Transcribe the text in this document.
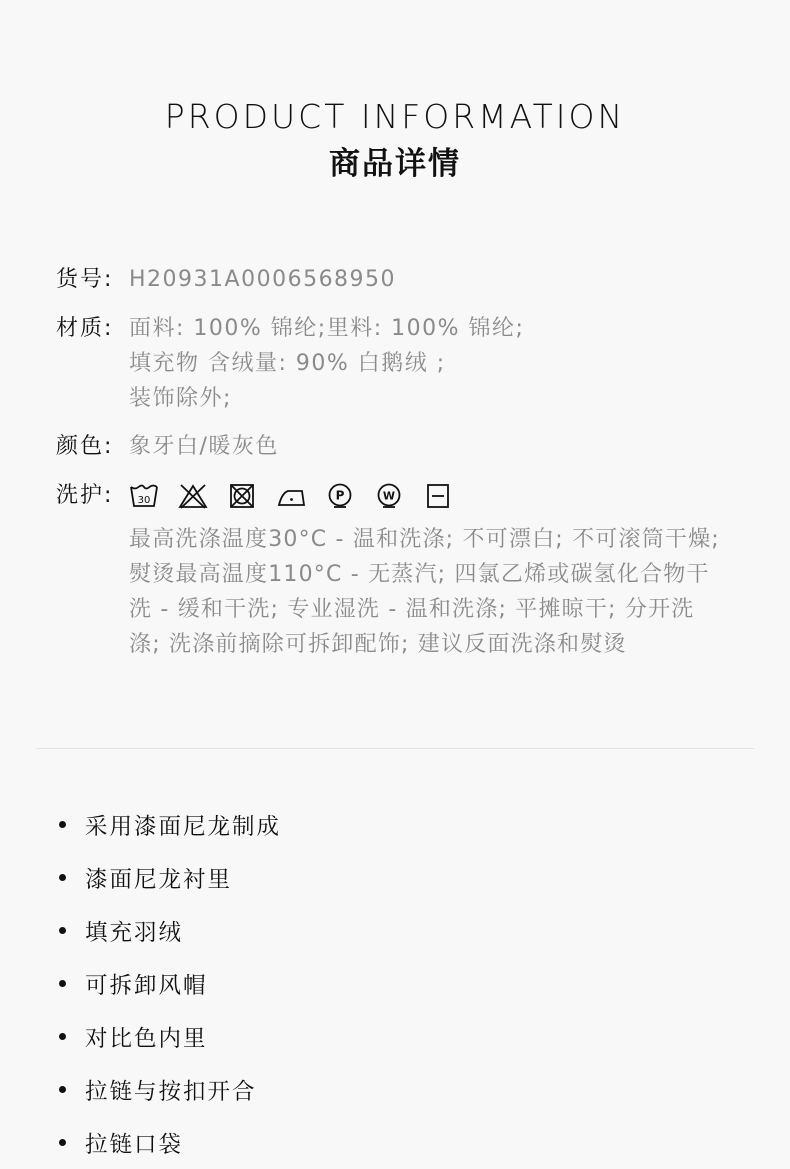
PRODUCT INFORMATION
商品详情
货号: H20931A0006568950
材质: 面料: 100% 锦纶;里料: 100% 锦纶;
填充物 含绒量: 90% 白鹅绒 ;
装饰除外;
颜色: 象牙白/暖灰色
洗护:	30	P	W
最高洗涤温度30°C - 温和洗涤; 不可漂白; 不可滚筒干燥; 熨烫最高温度110°C - 无蒸汽; 四氯乙烯或碳氢化合物干洗 - 缓和干洗; 专业湿洗 - 温和洗涤; 平摊晾干; 分开洗涤; 洗涤前摘除可拆卸配饰; 建议反面洗涤和熨烫
采用漆面尼龙制成
漆面尼龙衬里
填充羽绒
可拆卸风帽
对比色内里
拉链与按扣开合
拉链口袋
